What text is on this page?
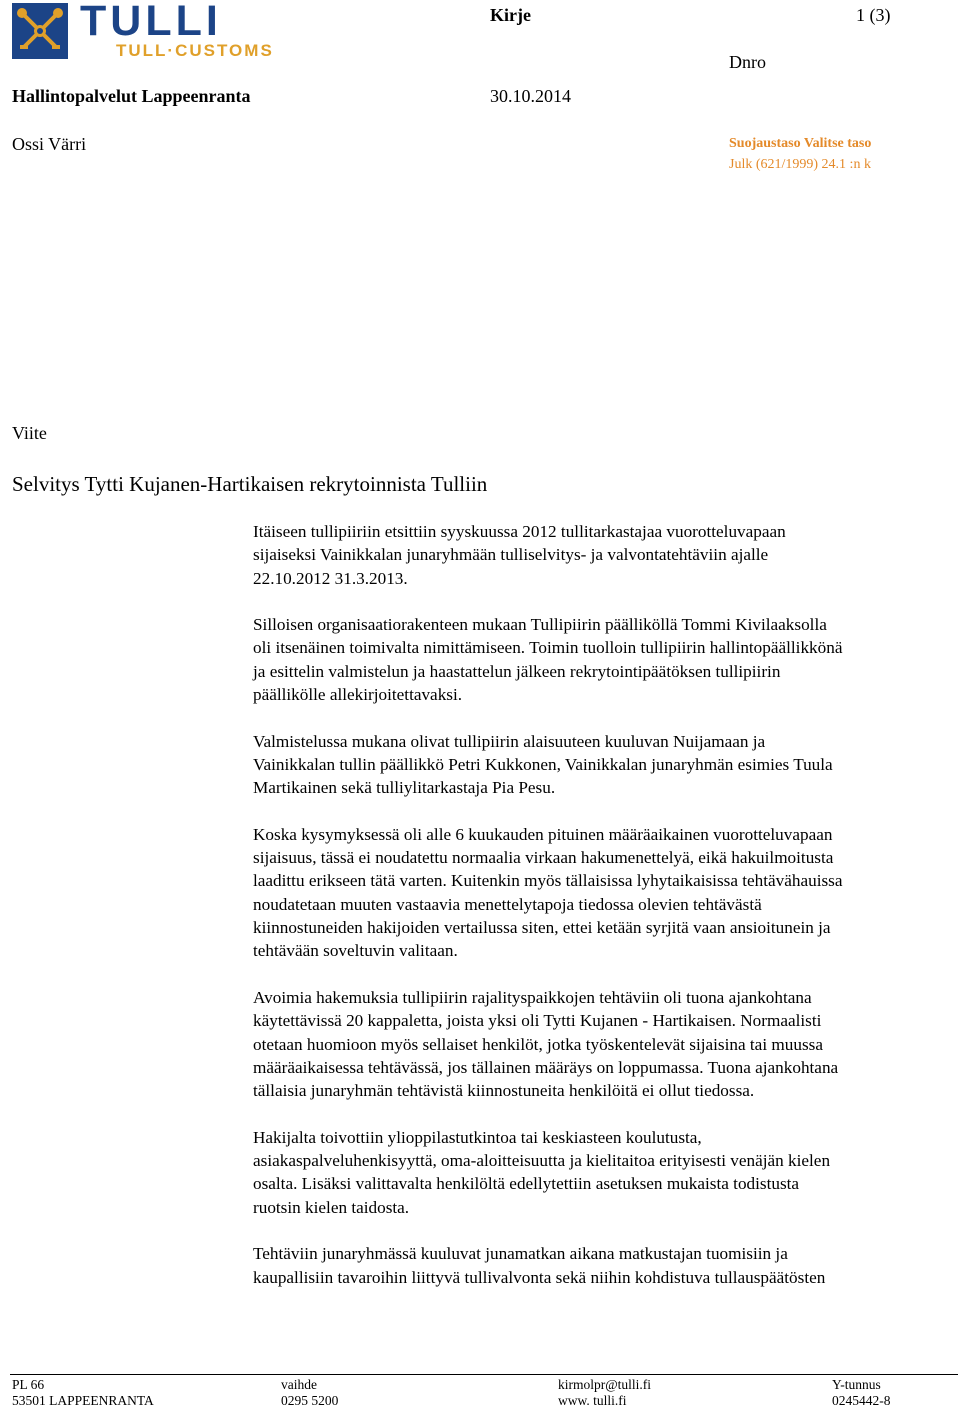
TULLI
TULL·CUSTOMS
Kirje	1 (3)
Dnro
Hallintopalvelut Lappeenranta	30.10.2014
Ossi Värri	Suojaustaso Valitse taso
Julk (621/1999) 24.1 :n k
Viite
Selvitys Tytti Kujanen-Hartikaisen rekrytoinnista Tulliin

Itäiseen tullipiiriin etsittiin syyskuussa 2012 tullitarkastajaa vuorotteluvapaan
sijaiseksi Vainikkalan junaryhmään tulliselvitys- ja valvontatehtäviin ajalle
22.10.2012 31.3.2013.

Silloisen organisaatiorakenteen mukaan Tullipiirin päälliköllä Tommi Kivilaaksolla
oli itsenäinen toimivalta nimittämiseen. Toimin tuolloin tullipiirin hallintopäällikkönä
ja esittelin valmistelun ja haastattelun jälkeen rekrytointipäätöksen tullipiirin
päällikölle allekirjoitettavaksi.

Valmistelussa mukana olivat tullipiirin alaisuuteen kuuluvan Nuijamaan ja
Vainikkalan tullin päällikkö Petri Kukkonen, Vainikkalan junaryhmän esimies Tuula
Martikainen sekä tulliylitarkastaja Pia Pesu.

Koska kysymyksessä oli alle 6 kuukauden pituinen määräaikainen vuorotteluvapaan
sijaisuus, tässä ei noudatettu normaalia virkaan hakumenettelyä, eikä hakuilmoitusta
laadittu erikseen tätä varten. Kuitenkin myös tällaisissa lyhytaikaisissa tehtävähauissa
noudatetaan muuten vastaavia menettelytapoja tiedossa olevien tehtävästä
kiinnostuneiden hakijoiden vertailussa siten, ettei ketään syrjitä vaan ansioitunein ja
tehtävään soveltuvin valitaan.

Avoimia hakemuksia tullipiirin rajalityspaikkojen tehtäviin oli tuona ajankohtana
käytettävissä 20 kappaletta, joista yksi oli Tytti Kujanen - Hartikaisen. Normaalisti
otetaan huomioon myös sellaiset henkilöt, jotka työskentelevät sijaisina tai muussa
määräaikaisessa tehtävässä, jos tällainen määräys on loppumassa. Tuona ajankohtana
tällaisia junaryhmän tehtävistä kiinnostuneita henkilöitä ei ollut tiedossa.

Hakijalta toivottiin ylioppilastutkintoa tai keskiasteen koulutusta,
asiakaspalveluhenkisyyttä, oma-aloitteisuutta ja kielitaitoa erityisesti venäjän kielen
osalta. Lisäksi valittavalta henkilöltä edellytettiin asetuksen mukaista todistusta
ruotsin kielen taidosta.

Tehtäviin junaryhmässä kuuluvat junamatkan aikana matkustajan tuomisiin ja
kaupallisiin tavaroihin liittyvä tullivalvonta sekä niihin kohdistuva tullauspäätösten

PL 66
53501 LAPPEENRANTA
vaihde
0295 5200
kirmolpr@tulli.fi
www. tulli.fi
Y-tunnus
0245442-8
